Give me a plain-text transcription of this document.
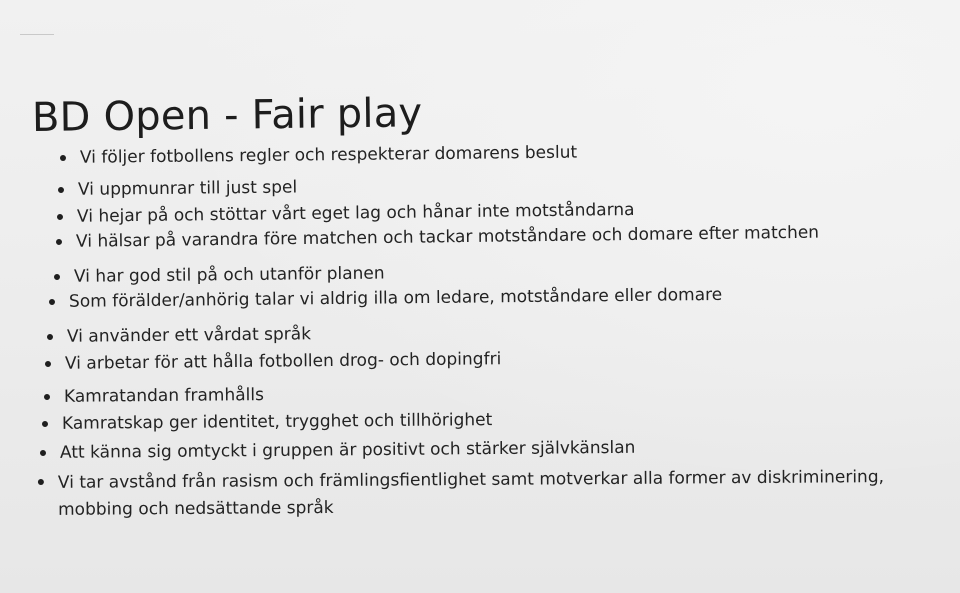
BD Open - Fair play
Vi följer fotbollens regler och respekterar domarens beslut
Vi uppmunrar till just spel
Vi hejar på och stöttar vårt eget lag och hånar inte motståndarna
Vi hälsar på varandra före matchen och tackar motståndare och domare efter matchen
Vi har god stil på och utanför planen
Som förälder/anhörig talar vi aldrig illa om ledare, motståndare eller domare
Vi använder ett vårdat språk
Vi arbetar för att hålla fotbollen drog- och dopingfri
Kamratandan framhålls
Kamratskap ger identitet, trygghet och tillhörighet
Att känna sig omtyckt i gruppen är positivt och stärker självkänslan
Vi tar avstånd från rasism och främlingsfientlighet samt motverkar alla former av diskriminering, mobbing och nedsättande språk
